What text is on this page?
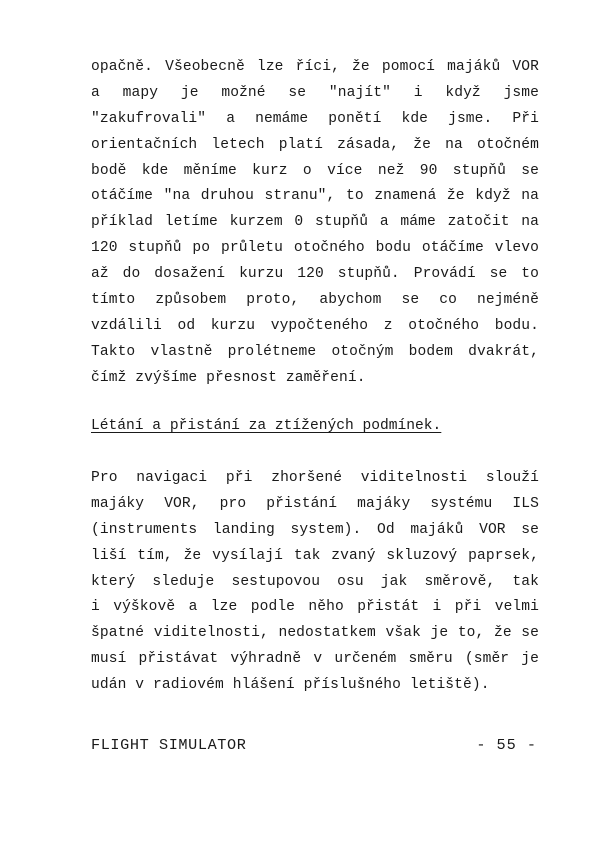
opačně. Všeobecně lze říci, že pomocí majáků VOR
a mapy je možné se "najít" i když jsme
"zakufrovali" a nemáme ponětí kde jsme. Při
orientačních letech platí zásada, že na otočném
bodě kde měníme kurz o více než 90 stupňů se
otáčíme "na druhou stranu", to znamená že když na
příklad letíme kurzem 0 stupňů a máme zatočit na
120 stupňů po průletu otočného bodu otáčíme vlevo
až do dosažení kurzu 120 stupňů. Provádí se to
tímto způsobem proto, abychom se co nejméně
vzdálili od kurzu vypočteného z otočného bodu.
Takto vlastně prolétneme otočným bodem dvakrát,
čímž zvýšíme přesnost zaměření.
Létání a přistání za ztížených podmínek.
Pro navigaci při zhoršené viditelnosti slouží
majáky VOR, pro přistání majáky systému ILS
(instruments landing system). Od majáků VOR se
liší tím, že vysílají tak zvaný skluzový paprsek,
který sleduje sestupovou osu jak směrově, tak
i výškově a lze podle něho přistát i při velmi
špatné viditelnosti, nedostatkem však je to, že se
musí přistávat výhradně v určeném směru (směr je
udán v radiovém hlášení příslušného letiště).
FLIGHT SIMULATOR	- 55 -
